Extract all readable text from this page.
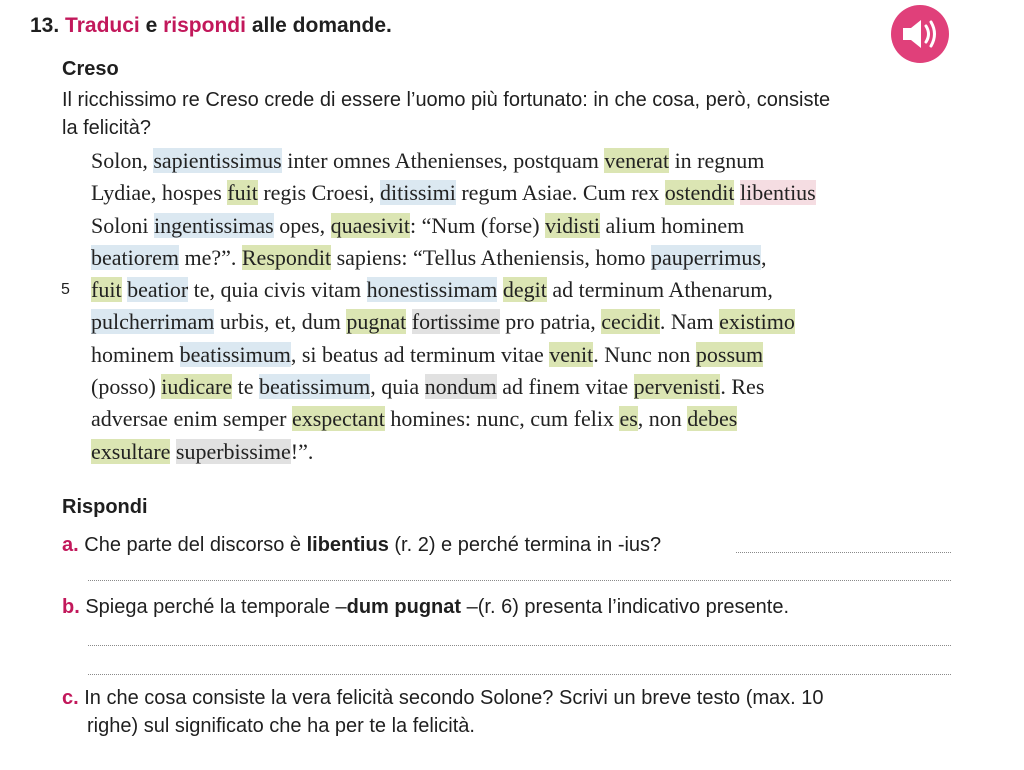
13. Traduci e rispondi alle domande.
Creso
Il ricchissimo re Creso crede di essere l’uomo più fortunato: in che cosa, però, consiste
la felicità?
Solon, sapientissimus inter omnes Athenienses, postquam venerat in regnum
Lydiae, hospes fuit regis Croesi, ditissimi regum Asiae. Cum rex ostendit libentius
Soloni ingentissimas opes, quaesivit: “Num (forse) vidisti alium hominem
beatiorem me?”. Respondit sapiens: “Tellus Atheniensis, homo pauperrimus,
5 fuit beatior te, quia civis vitam honestissimam degit ad terminum Athenarum,
pulcherrimam urbis, et, dum pugnat fortissime pro patria, cecidit. Nam existimo
hominem beatissimum, si beatus ad terminum vitae venit. Nunc non possum
(posso) iudicare te beatissimum, quia nondum ad finem vitae pervenisti. Res
adversae enim semper exspectant homines: nunc, cum felix es, non debes
exsultare superbissime!”.
Rispondi
a. Che parte del discorso è libentius (r. 2) e perché termina in -ius?
b. Spiega perché la temporale –dum pugnat –(r. 6) presenta l’indicativo presente.
c. In che cosa consiste la vera felicità secondo Solone? Scrivi un breve testo (max. 10
righe) sul significato che ha per te la felicità.
